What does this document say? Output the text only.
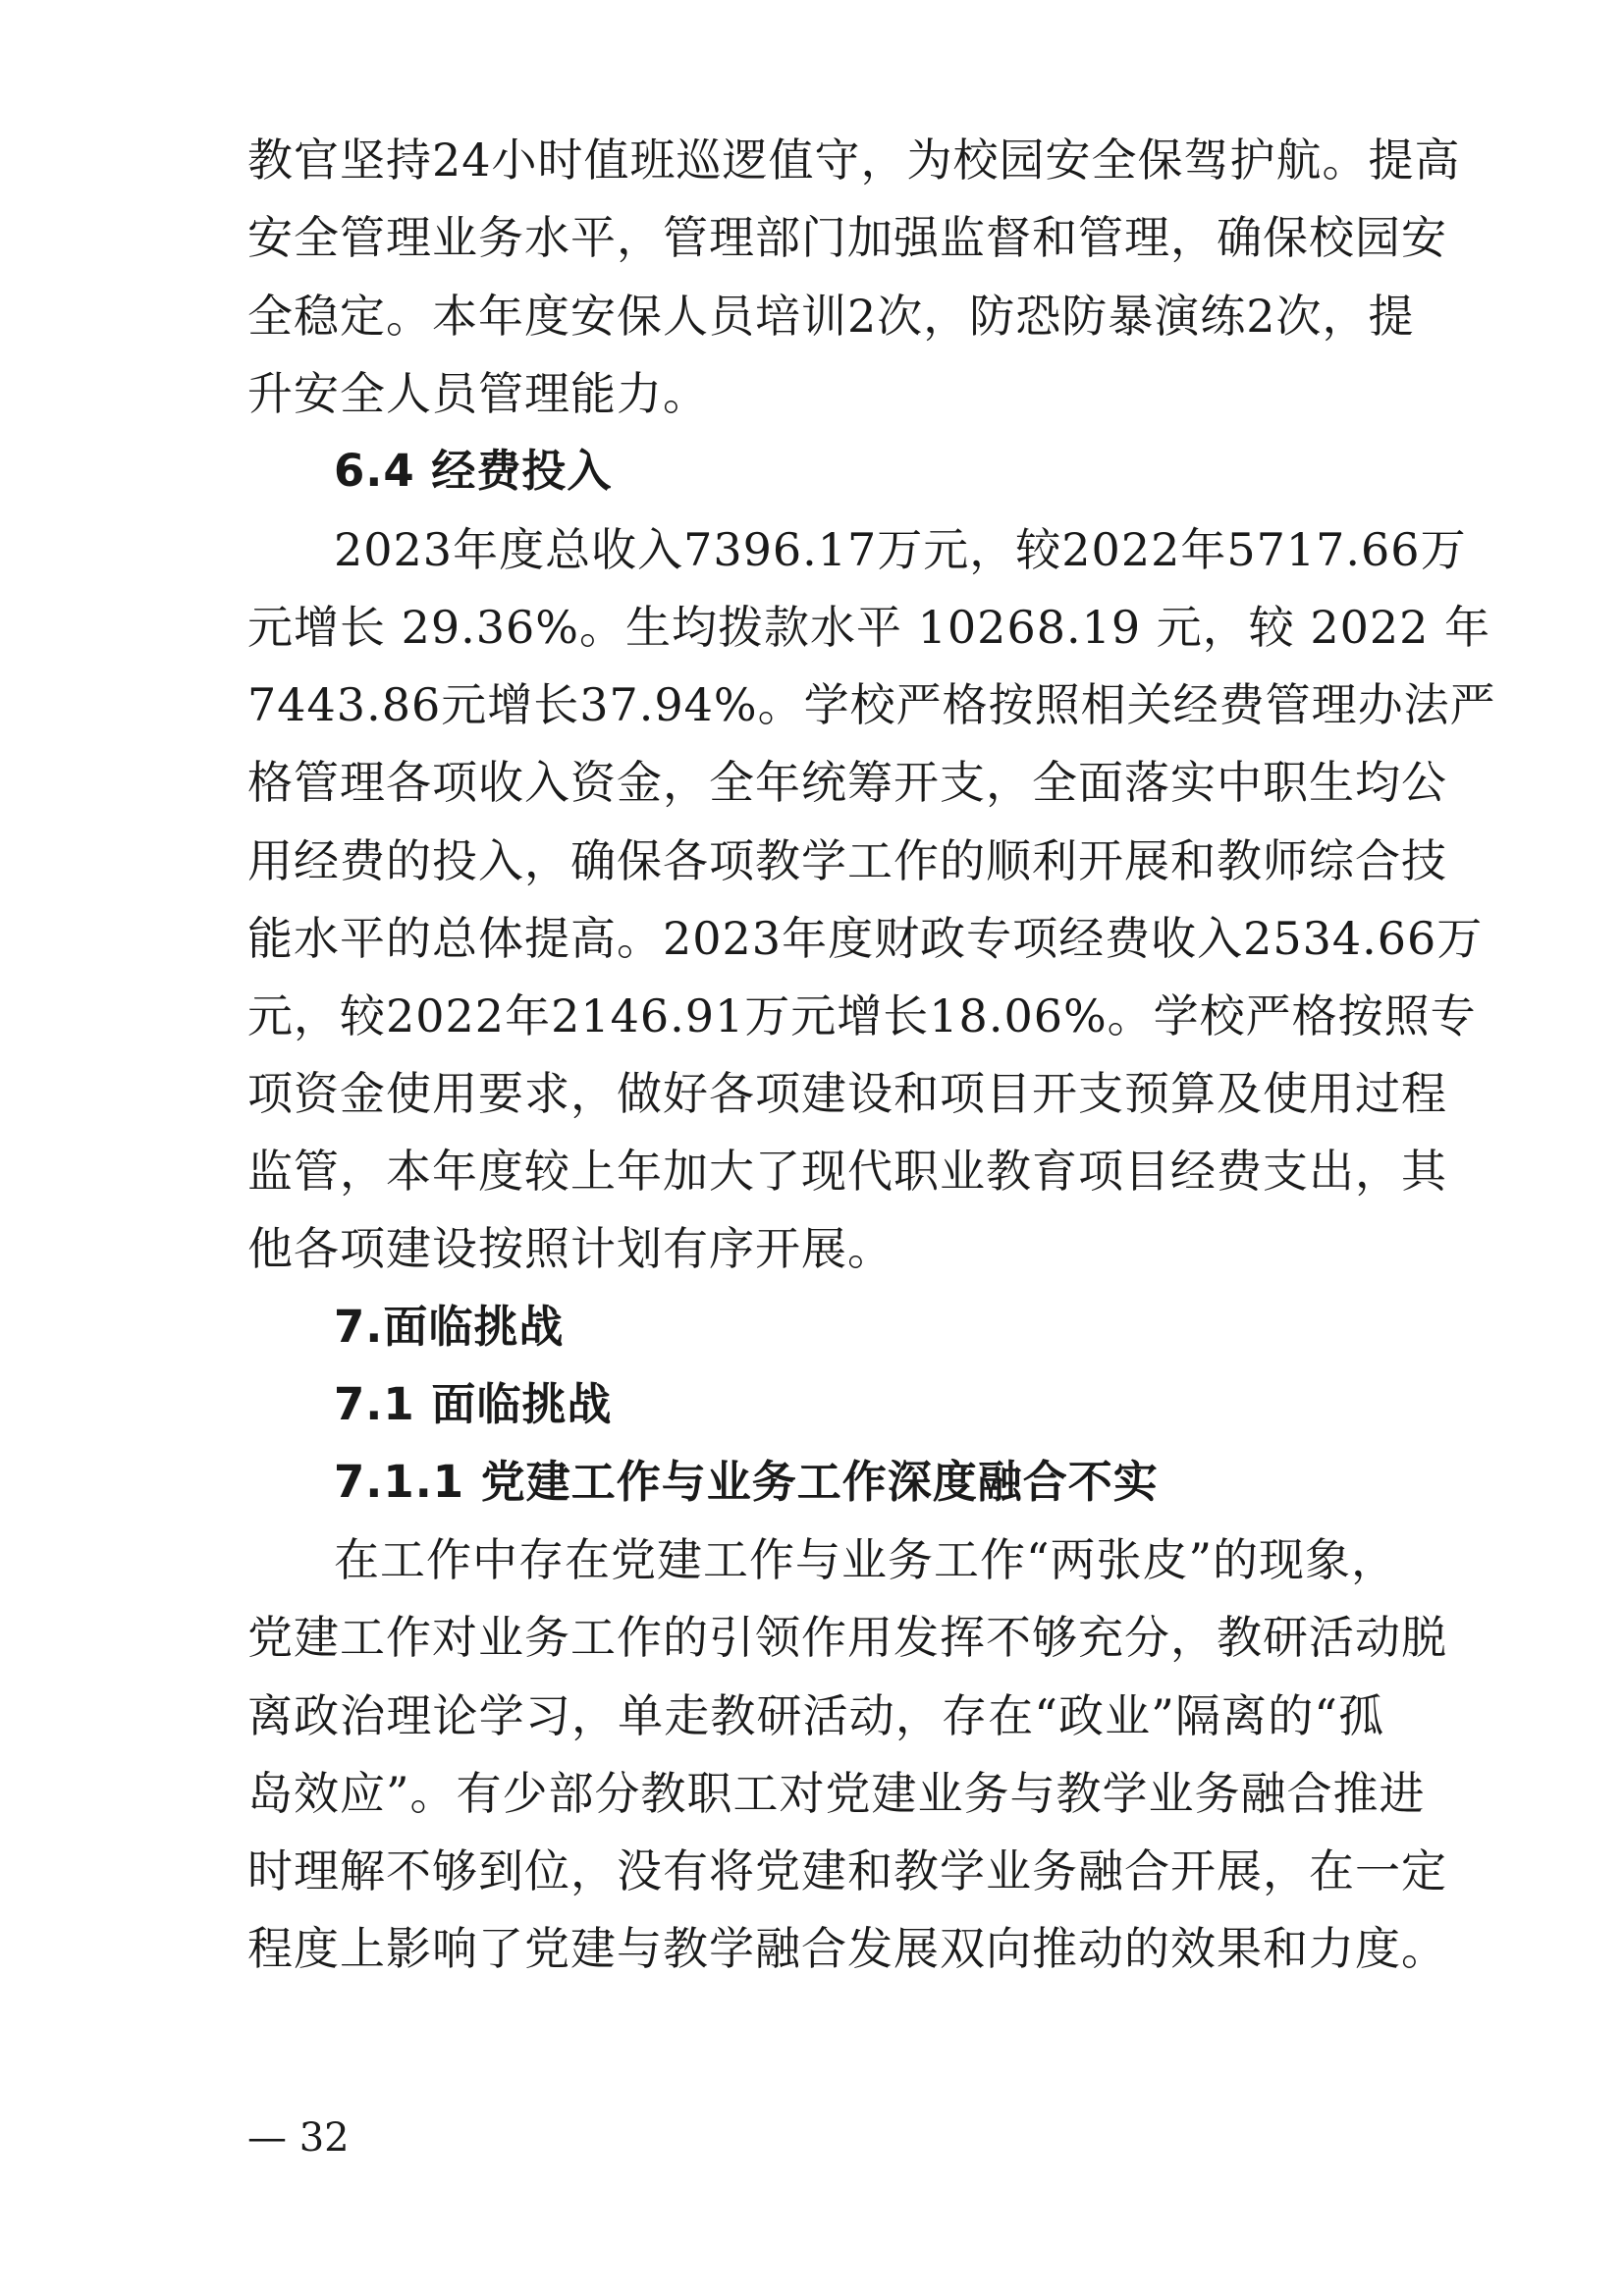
教官坚持24小时值班巡逻值守，为校园安全保驾护航。提高
安全管理业务水平，管理部门加强监督和管理，确保校园安
全稳定。本年度安保人员培训2次，防恐防暴演练2次，提
升安全人员管理能力。
6.4 经费投入
2023年度总收入7396.17万元，较2022年5717.66万
元增长 29.36%。生均拨款水平 10268.19 元，较 2022 年
7443.86元增长37.94%。学校严格按照相关经费管理办法严
格管理各项收入资金，全年统筹开支，全面落实中职生均公
用经费的投入，确保各项教学工作的顺利开展和教师综合技
能水平的总体提高。2023年度财政专项经费收入2534.66万
元，较2022年2146.91万元增长18.06%。学校严格按照专
项资金使用要求，做好各项建设和项目开支预算及使用过程
监管，本年度较上年加大了现代职业教育项目经费支出，其
他各项建设按照计划有序开展。
7.面临挑战
7.1 面临挑战
7.1.1 党建工作与业务工作深度融合不实
在工作中存在党建工作与业务工作“两张皮”的现象，
党建工作对业务工作的引领作用发挥不够充分，教研活动脱
离政治理论学习，单走教研活动，存在“政业”隔离的“孤
岛效应”。有少部分教职工对党建业务与教学业务融合推进
时理解不够到位，没有将党建和教学业务融合开展，在一定
程度上影响了党建与教学融合发展双向推动的效果和力度。
— 32
